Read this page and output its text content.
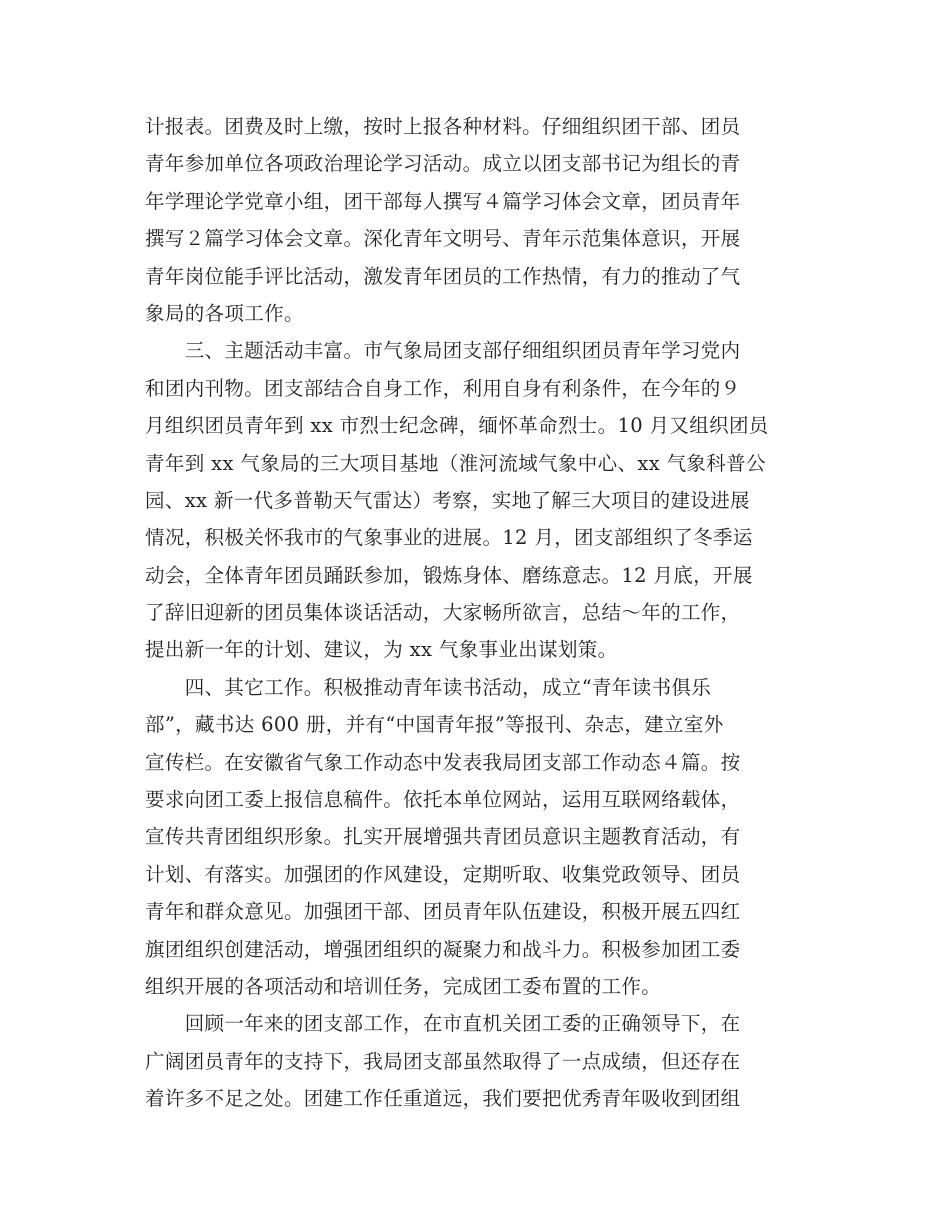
计报表。团费及时上缴，按时上报各种材料。仔细组织团干部、团员
青年参加单位各项政治理论学习活动。成立以团支部书记为组长的青
年学理论学党章小组，团干部每人撰写４篇学习体会文章，团员青年
撰写２篇学习体会文章。深化青年文明号、青年示范集体意识，开展
青年岗位能手评比活动，激发青年团员的工作热情，有力的推动了气
象局的各项工作。
　　三、主题活动丰富。市气象局团支部仔细组织团员青年学习党内
和团内刊物。团支部结合自身工作，利用自身有利条件，在今年的９
月组织团员青年到 xx 市烈士纪念碑，缅怀革命烈士。10 月又组织团员
青年到 xx 气象局的三大项目基地（淮河流域气象中心、xx 气象科普公
园、xx 新一代多普勒天气雷达）考察，实地了解三大项目的建设进展
情况，积极关怀我市的气象事业的进展。12 月，团支部组织了冬季运
动会，全体青年团员踊跃参加，锻炼身体、磨练意志。12 月底，开展
了辞旧迎新的团员集体谈话活动，大家畅所欲言，总结～年的工作，
提出新一年的计划、建议，为 xx 气象事业出谋划策。
　　四、其它工作。积极推动青年读书活动，成立“青年读书俱乐
部”，藏书达 600 册，并有“中国青年报”等报刊、杂志，建立室外
宣传栏。在安徽省气象工作动态中发表我局团支部工作动态４篇。按
要求向团工委上报信息稿件。依托本单位网站，运用互联网络载体，
宣传共青团组织形象。扎实开展增强共青团员意识主题教育活动，有
计划、有落实。加强团的作风建设，定期听取、收集党政领导、团员
青年和群众意见。加强团干部、团员青年队伍建设，积极开展五四红
旗团组织创建活动，增强团组织的凝聚力和战斗力。积极参加团工委
组织开展的各项活动和培训任务，完成团工委布置的工作。
　　回顾一年来的团支部工作，在市直机关团工委的正确领导下，在
广阔团员青年的支持下，我局团支部虽然取得了一点成绩，但还存在
着许多不足之处。团建工作任重道远，我们要把优秀青年吸收到团组
